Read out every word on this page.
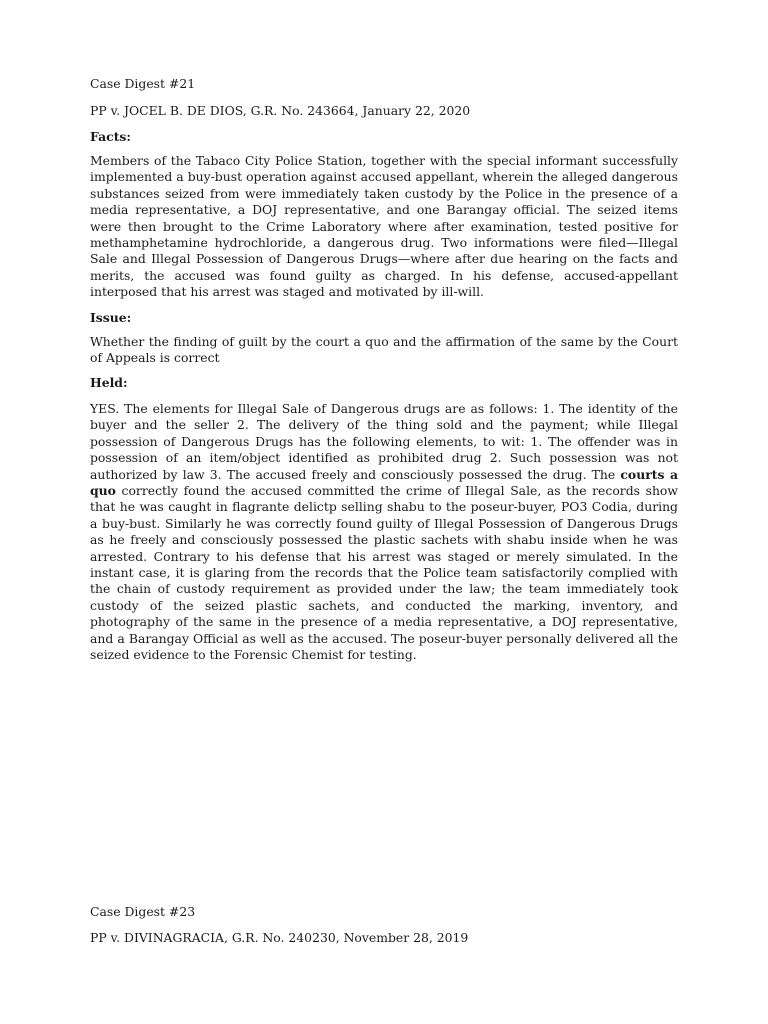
Case Digest #21
PP v. JOCEL B. DE DIOS, G.R. No. 243664, January 22, 2020
Facts:
Members of the Tabaco City Police Station, together with the special informant successfully implemented a buy-bust operation against accused appellant, wherein the alleged dangerous substances seized from were immediately taken custody by the Police in the presence of a media representative, a DOJ representative, and one Barangay official. The seized items were then brought to the Crime Laboratory where after examination, tested positive for methamphetamine hydrochloride, a dangerous drug. Two informations were filed—Illegal Sale and Illegal Possession of Dangerous Drugs—where after due hearing on the facts and merits, the accused was found guilty as charged. In his defense, accused-appellant interposed that his arrest was staged and motivated by ill-will.
Issue:
Whether the finding of guilt by the court a quo and the affirmation of the same by the Court of Appeals is correct
Held:
YES. The elements for Illegal Sale of Dangerous drugs are as follows: 1. The identity of the buyer and the seller 2. The delivery of the thing sold and the payment; while Illegal possession of Dangerous Drugs has the following elements, to wit: 1. The offender was in possession of an item/object identified as prohibited drug 2. Such possession was not authorized by law 3. The accused freely and consciously possessed the drug. The courts a quo correctly found the accused committed the crime of Illegal Sale, as the records show that he was caught in flagrante delictp selling shabu to the poseur-buyer, PO3 Codia, during a buy-bust. Similarly he was correctly found guilty of Illegal Possession of Dangerous Drugs as he freely and consciously possessed the plastic sachets with shabu inside when he was arrested. Contrary to his defense that his arrest was staged or merely simulated. In the instant case, it is glaring from the records that the Police team satisfactorily complied with the chain of custody requirement as provided under the law; the team immediately took custody of the seized plastic sachets, and conducted the marking, inventory, and photography of the same in the presence of a media representative, a DOJ representative, and a Barangay Official as well as the accused. The poseur-buyer personally delivered all the seized evidence to the Forensic Chemist for testing.
Case Digest #23
PP v. DIVINAGRACIA, G.R. No. 240230, November 28, 2019
